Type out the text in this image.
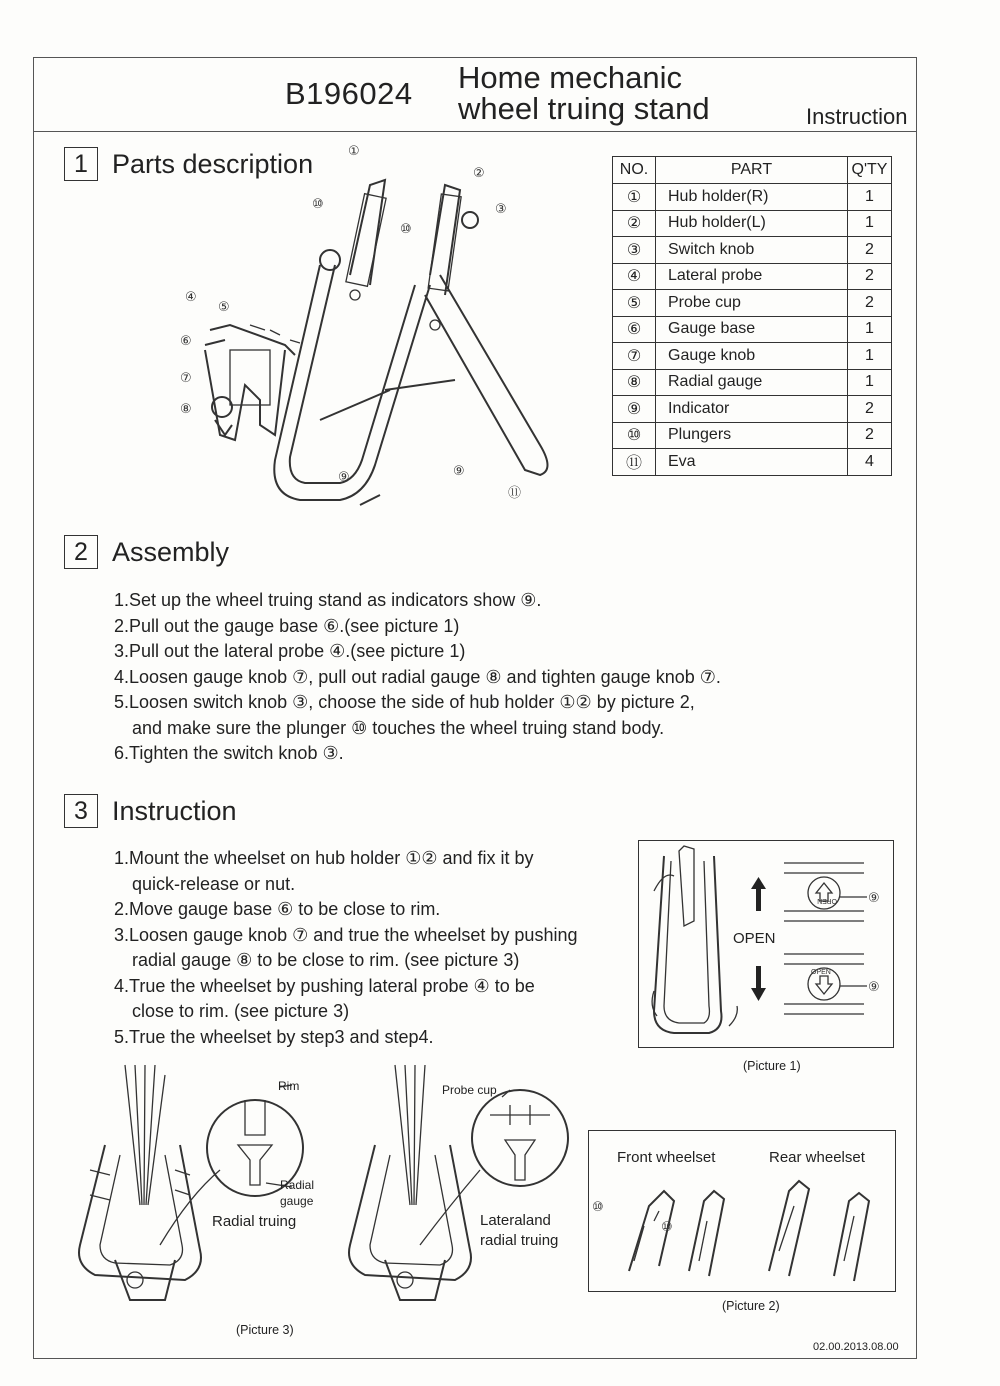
B196024 Home mechanic
wheel truing stand	Instruction
1 Parts description	①
②
③
④
⑤
⑥
⑦
⑧
⑨	⑨
⑩
⑩
⑪
NO.	PART	Q'TY
①	Hub holder(R)	1
②	Hub holder(L)	1
③	Switch knob	2
④	Lateral probe	2
⑤	Probe cup	2
⑥	Gauge base	1
⑦	Gauge knob	1
⑧	Radial gauge	1
⑨	Indicator	2
⑩	Plungers	2
⑪	Eva	4
2 Assembly
1.Set up the wheel truing stand as indicators show ⑨.
2.Pull out the gauge base ⑥.(see picture 1)
3.Pull out the lateral probe ④.(see picture 1)
4.Loosen gauge knob ⑦, pull out radial gauge ⑧ and tighten gauge knob ⑦.
5.Loosen switch knob ③, choose the side of hub holder ①② by picture 2,
and make sure the plunger ⑩ touches the wheel truing stand body.
6.Tighten the switch knob ③.
3 Instruction
1.Mount the wheelset on hub holder ①② and fix it by
quick-release or nut.
2.Move gauge base ⑥ to be close to rim.
3.Loosen gauge knob ⑦ and true the wheelset by pushing
radial gauge ⑧ to be close to rim. (see picture 3)
4.True the wheelset by pushing lateral probe ④ to be
close to rim. (see picture 3)
5.True the wheelset by step3 and step4.
OPEN
OPEN
⑨
⑨
OPEN
(Picture 1)
Rim
Radial
gauge
Radial truing
Probe cup
Lateraland
radial truing
(Picture 3)
Front wheelset	Rear wheelset
⑩
⑩
(Picture 2)
02.00.2013.08.00
